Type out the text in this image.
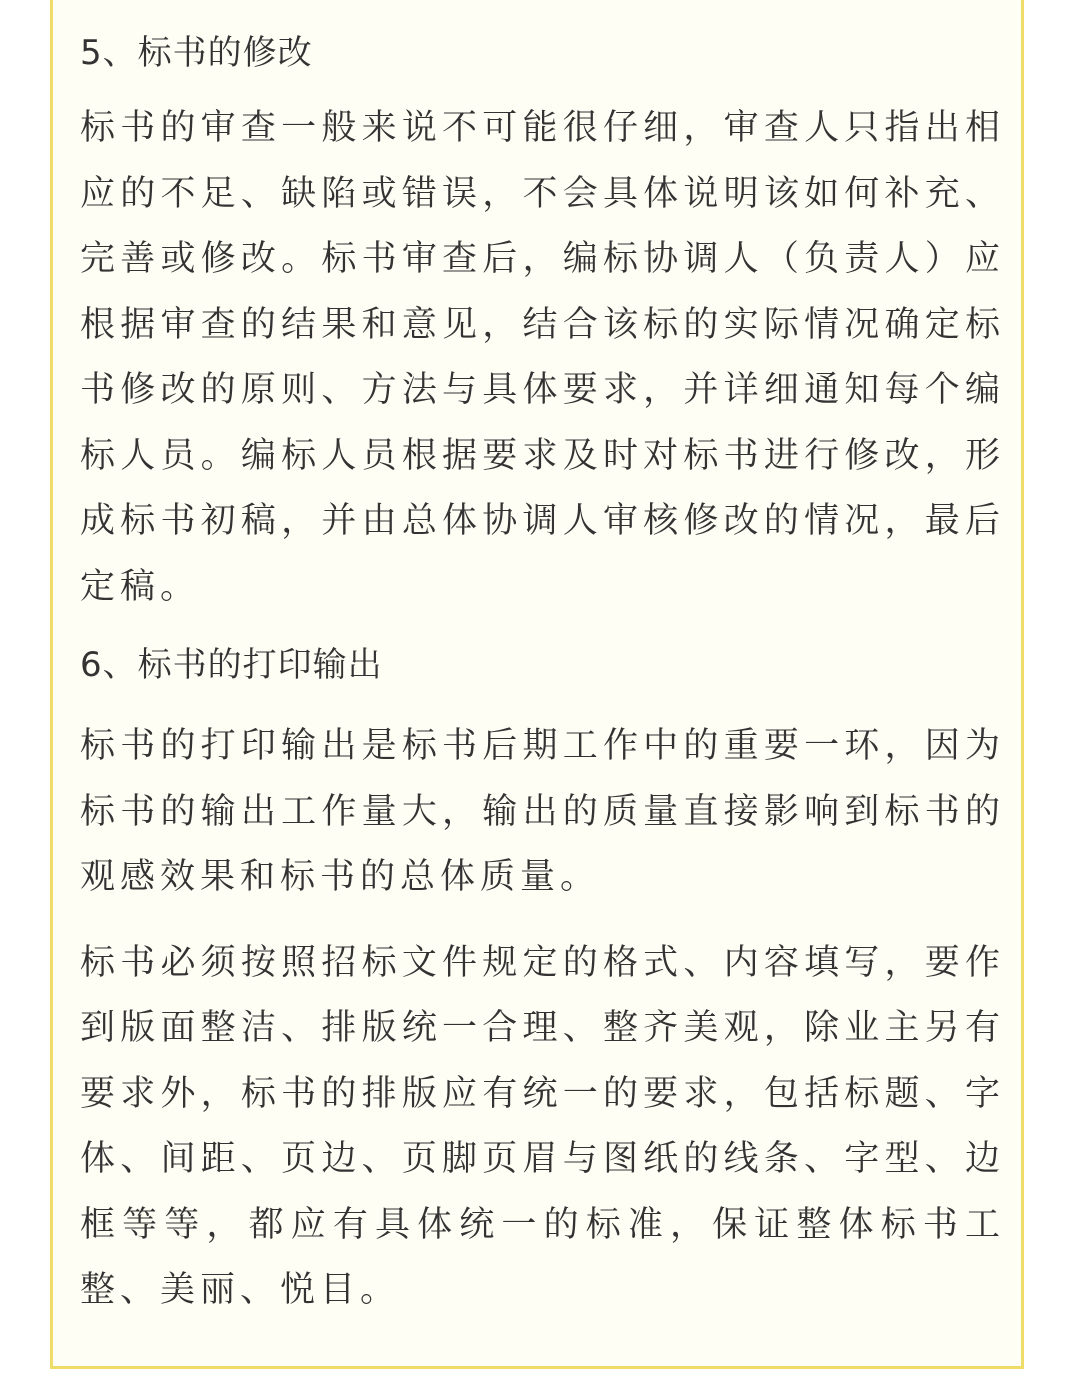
5、标书的修改

标书的审查一般来说不可能很仔细，审查人只指出相应的不足、缺陷或错误，不会具体说明该如何补充、完善或修改。标书审查后，编标协调人（负责人）应根据审查的结果和意见，结合该标的实际情况确定标书修改的原则、方法与具体要求，并详细通知每个编标人员。编标人员根据要求及时对标书进行修改，形成标书初稿，并由总体协调人审核修改的情况，最后定稿。

6、标书的打印输出

标书的打印输出是标书后期工作中的重要一环，因为标书的输出工作量大，输出的质量直接影响到标书的观感效果和标书的总体质量。

标书必须按照招标文件规定的格式、内容填写，要作到版面整洁、排版统一合理、整齐美观，除业主另有要求外，标书的排版应有统一的要求，包括标题、字体、间距、页边、页脚页眉与图纸的线条、字型、边框等等，都应有具体统一的标准，保证整体标书工整、美丽、悦目。
